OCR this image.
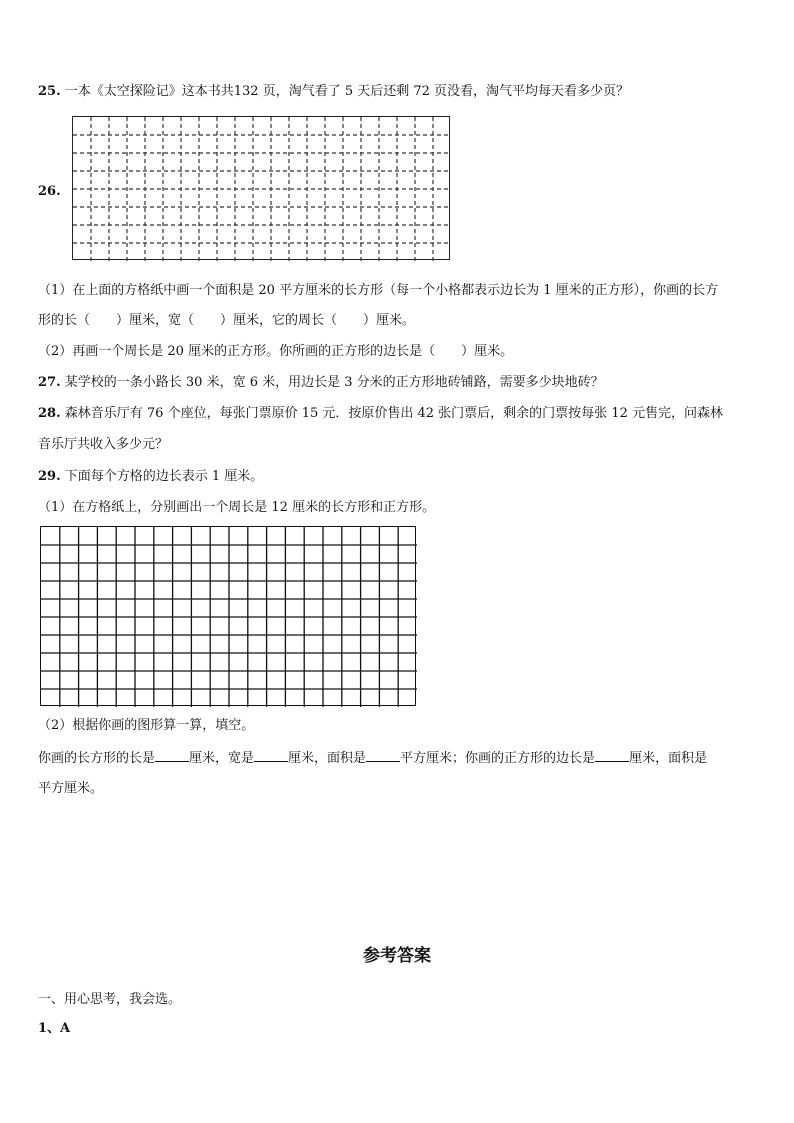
25. 一本《太空探险记》这本书共132 页，淘气看了 5 天后还剩 72 页没看，淘气平均每天看多少页？
26.
（1）在上面的方格纸中画一个面积是 20 平方厘米的长方形（每一个小格都表示边长为 1 厘米的正方形），你画的长方
形的长（　　）厘米，宽（　　）厘米，它的周长（　　）厘米。
（2）再画一个周长是 20 厘米的正方形。你所画的正方形的边长是（　　）厘米。
27. 某学校的一条小路长 30 米，宽 6 米，用边长是 3 分米的正方形地砖铺路，需要多少块地砖？
28. 森林音乐厅有 76 个座位，每张门票原价 15 元．按原价售出 42 张门票后，剩余的门票按每张 12 元售完，问森林
音乐厅共收入多少元？
29. 下面每个方格的边长表示 1 厘米。
（1）在方格纸上，分别画出一个周长是 12 厘米的长方形和正方形。
（2）根据你画的图形算一算，填空。
你画的长方形的长是	厘米，宽是	厘米，面积是	平方厘米；你画的正方形的边长是	厘米，面积是
平方厘米。
参考答案
一、用心思考，我会选。
1、A
